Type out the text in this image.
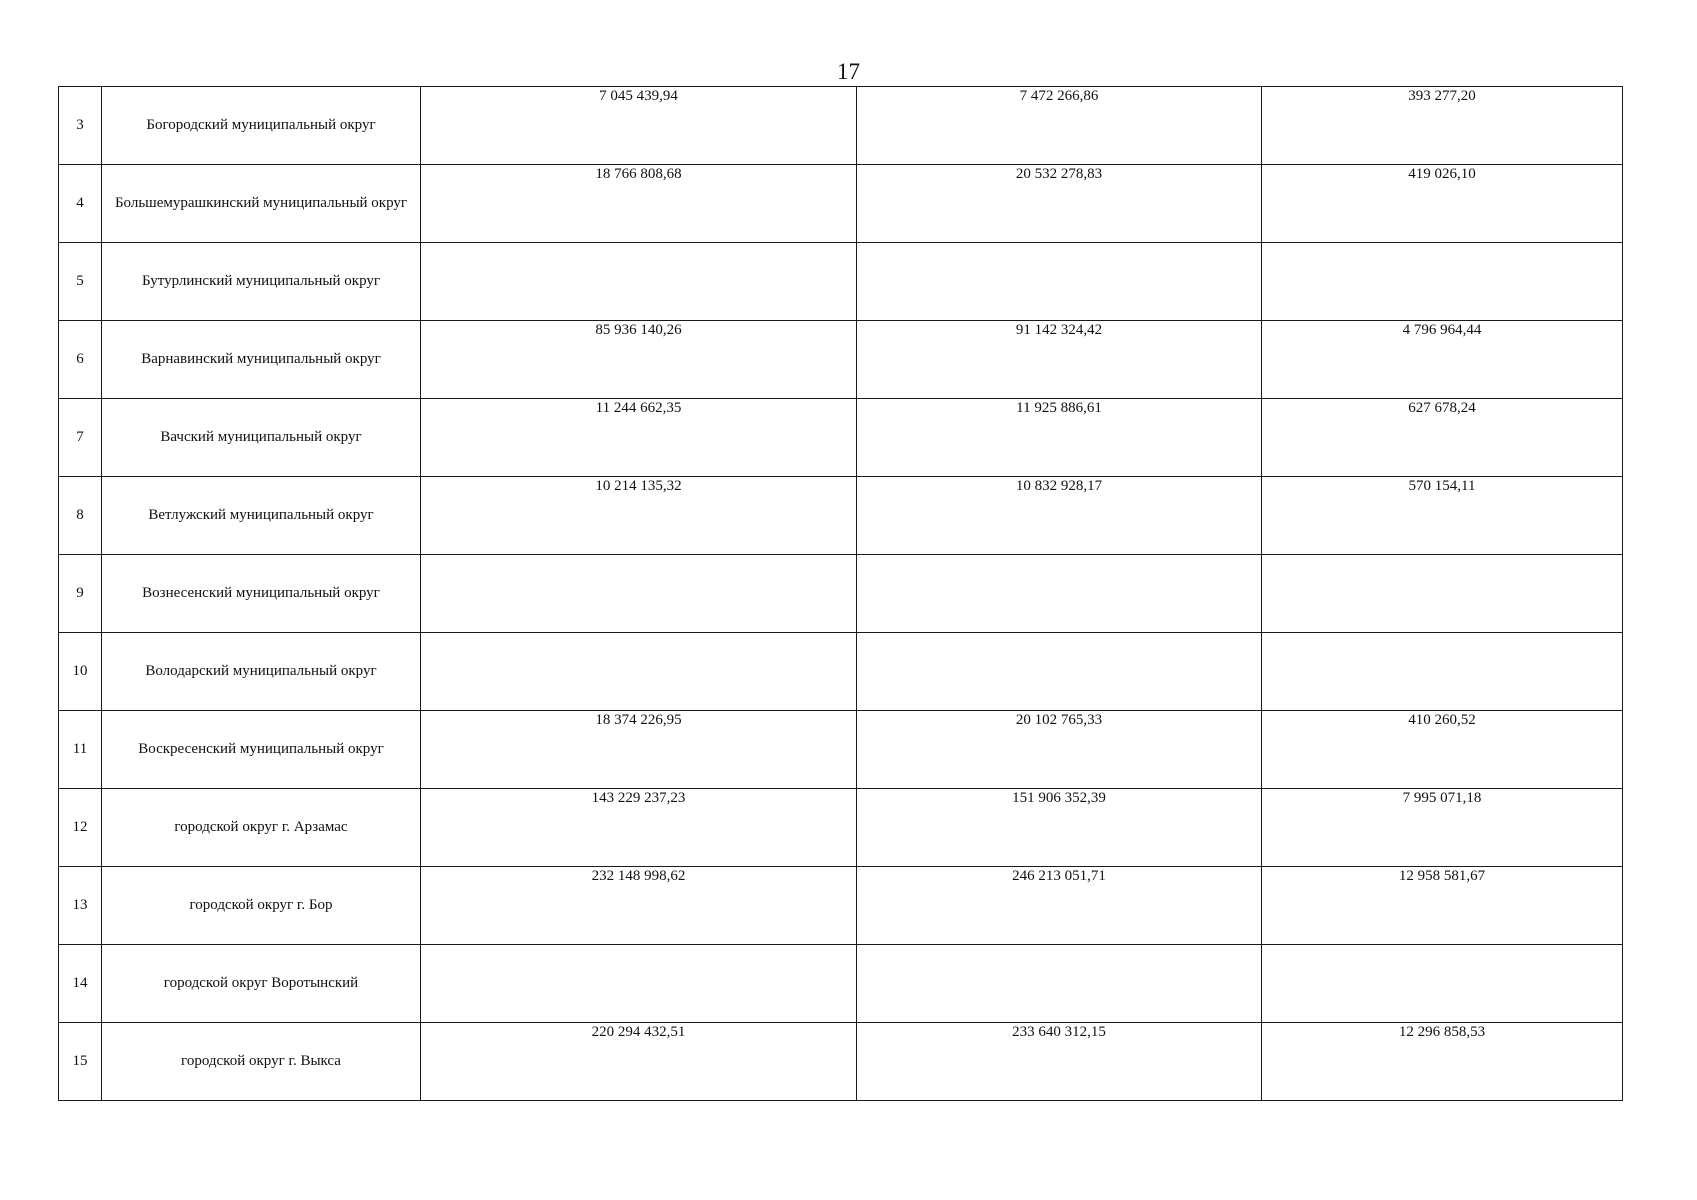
17
3	Богородский муниципальный округ	7 045 439,94	7 472 266,86	393 277,20
4	Большемурашкинский муниципальный округ	18 766 808,68	20 532 278,83	419 026,10
5	Бутурлинский муниципальный округ			
6	Варнавинский муниципальный округ	85 936 140,26	91 142 324,42	4 796 964,44
7	Вачский муниципальный округ	11 244 662,35	11 925 886,61	627 678,24
8	Ветлужский муниципальный округ	10 214 135,32	10 832 928,17	570 154,11
9	Вознесенский муниципальный округ			
10	Володарский муниципальный округ			
11	Воскресенский муниципальный округ	18 374 226,95	20 102 765,33	410 260,52
12	городской округ г. Арзамас	143 229 237,23	151 906 352,39	7 995 071,18
13	городской округ г. Бор	232 148 998,62	246 213 051,71	12 958 581,67
14	городской округ Воротынский			
15	городской округ г. Выкса	220 294 432,51	233 640 312,15	12 296 858,53
